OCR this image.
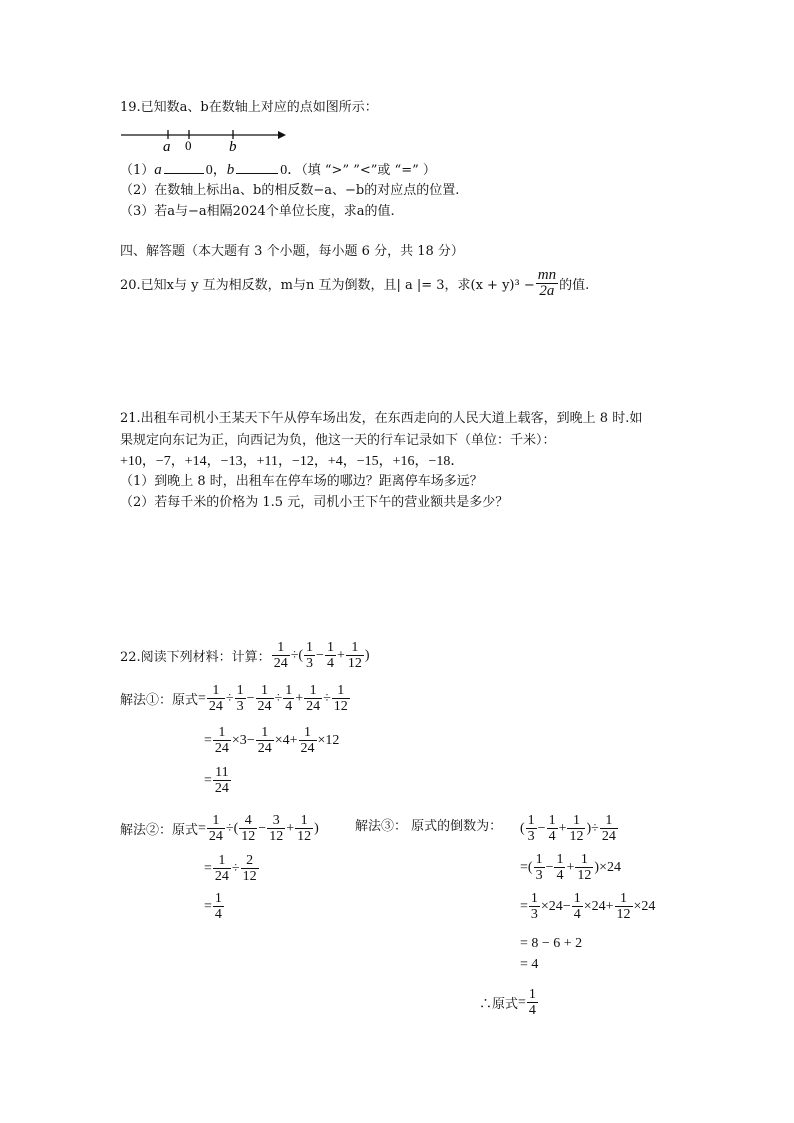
19.已知数a、b在数轴上对应的点如图所示：
a 0	b
（1）a	0，b	0．（填 “>” ”<”或 “=” ）
（2）在数轴上标出a、b的相反数−a、−b的对应点的位置.
（3）若a与−a相隔2024个单位长度，求a的值.
四、解答题（本大题有 3 个小题，每小题 6 分，共 18 分）
20.已知x与 y 互为相反数，m与n 互为倒数，且| a |= 3，求$(x + y)^3 - \frac{mn}{2a}$ 的值.
21.出租车司机小王某天下午从停车场出发，在东西走向的人民大道上载客，到晚上 8 时.如
果规定向东记为正，向西记为负，他这一天的行车记录如下（单位：千米）：
+10，−7，+14，−13，+11，−12，+4，−15，+16，−18．
（1）到晚上 8 时，出租车在停车场的哪边？距离停车场多远？
（2）若每千米的价格为 1.5 元，司机小王下午的营业额共是多少？
22.阅读下列材料：计算： $\frac{1}{24}$ ÷ ( $\frac{1}{3} - \frac{1}{4} + \frac{1}{12}$ )
解法①：原式 = $\frac{1}{24} \div \frac{1}{3} - \frac{1}{24} \div \frac{1}{4} + \frac{1}{24} \div \frac{1}{12}$
= $\frac{1}{24} \times 3 - \frac{1}{24} \times 4 + \frac{1}{24} \times 12$
= $\frac{11}{24}$
解法②：原式 = $\frac{1}{24}$ ÷ ( $\frac{4}{12} - \frac{3}{12} + \frac{1}{12}$ )
= $\frac{1}{24} \div \frac{2}{12}$
= $\frac{1}{4}$
解法③： 原式的倒数为： ( $\frac{1}{3} - \frac{1}{4} + \frac{1}{12}$ ) ÷ $\frac{1}{24}$
= ( $\frac{1}{3} - \frac{1}{4} + \frac{1}{12}$ ) ×24
= $\frac{1}{3} \times 24 - \frac{1}{4} \times 24 + \frac{1}{12} \times 24$
= 8 − 6 + 2
= 4
∴原式 = $\frac{1}{4}$
